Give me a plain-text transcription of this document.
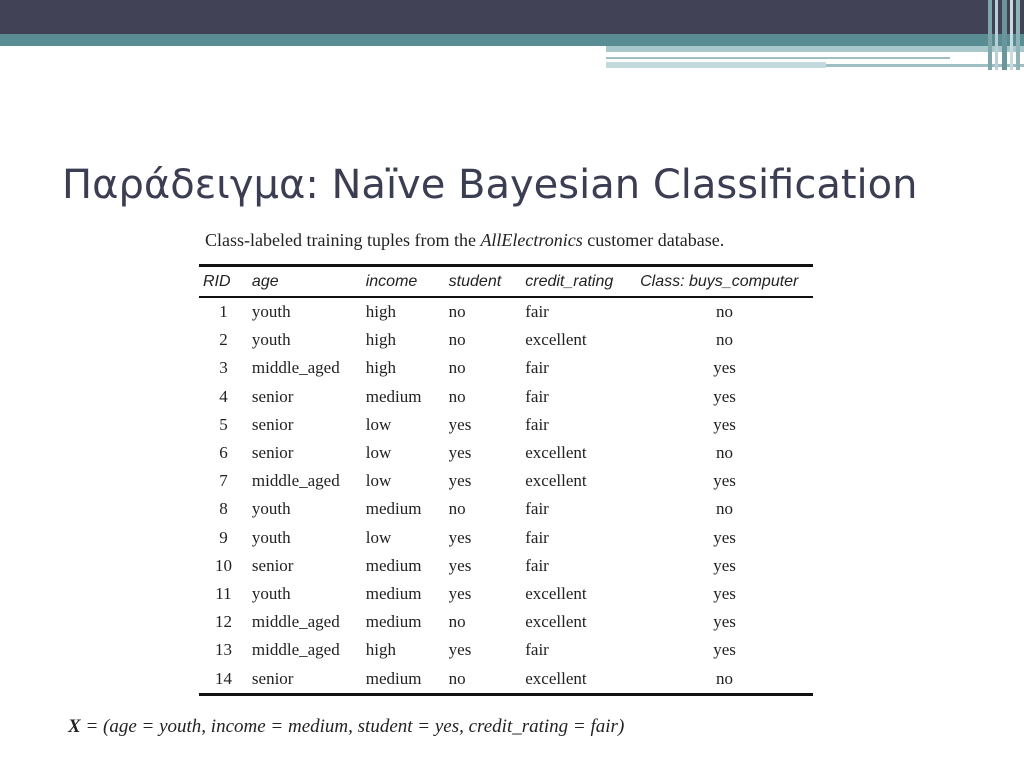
Παράδειγμα: Naïve Bayesian Classification
Class-labeled training tuples from the AllElectronics customer database.
RID	age	income	student	credit_rating	Class: buys_computer
1	youth	high	no	fair	no
2	youth	high	no	excellent	no
3	middle_aged	high	no	fair	yes
4	senior	medium	no	fair	yes
5	senior	low	yes	fair	yes
6	senior	low	yes	excellent	no
7	middle_aged	low	yes	excellent	yes
8	youth	medium	no	fair	no
9	youth	low	yes	fair	yes
10	senior	medium	yes	fair	yes
11	youth	medium	yes	excellent	yes
12	middle_aged	medium	no	excellent	yes
13	middle_aged	high	yes	fair	yes
14	senior	medium	no	excellent	no
X = (age = youth, income = medium, student = yes, credit_rating = fair)
